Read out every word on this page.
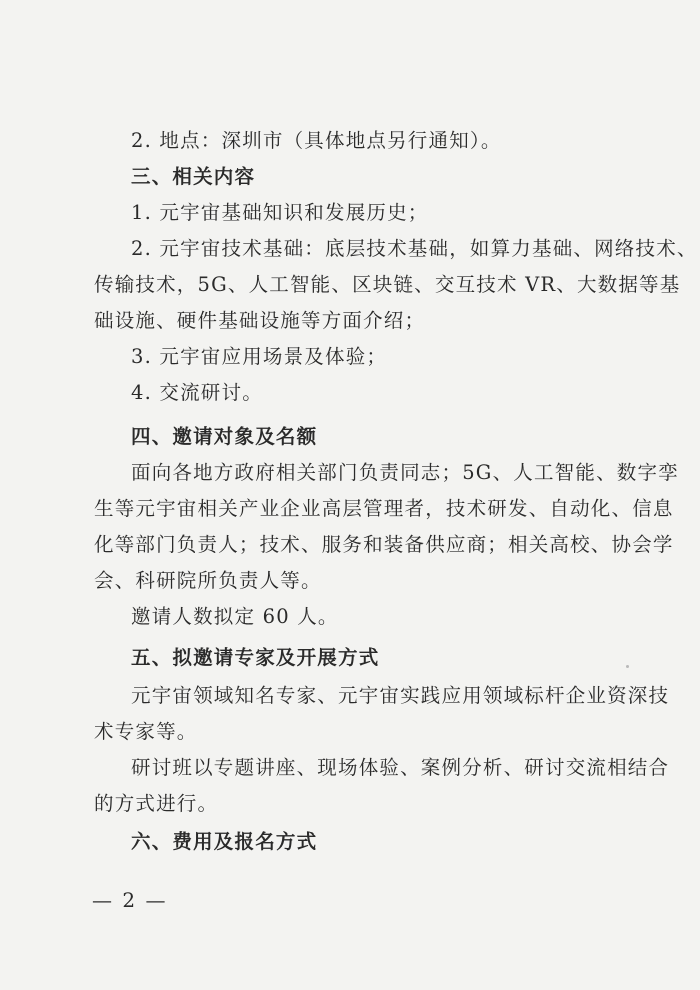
2. 地点：深圳市（具体地点另行通知）。
三、相关内容
1. 元宇宙基础知识和发展历史；
2. 元宇宙技术基础：底层技术基础，如算力基础、网络技术、
传输技术，5G、人工智能、区块链、交互技术 VR、大数据等基
础设施、硬件基础设施等方面介绍；
3. 元宇宙应用场景及体验；
4. 交流研讨。
四、邀请对象及名额
面向各地方政府相关部门负责同志；5G、人工智能、数字孪
生等元宇宙相关产业企业高层管理者，技术研发、自动化、信息
化等部门负责人；技术、服务和装备供应商；相关高校、协会学
会、科研院所负责人等。
邀请人数拟定 60 人。
五、拟邀请专家及开展方式
元宇宙领域知名专家、元宇宙实践应用领域标杆企业资深技
术专家等。
研讨班以专题讲座、现场体验、案例分析、研讨交流相结合
的方式进行。
六、费用及报名方式
— 2 —
